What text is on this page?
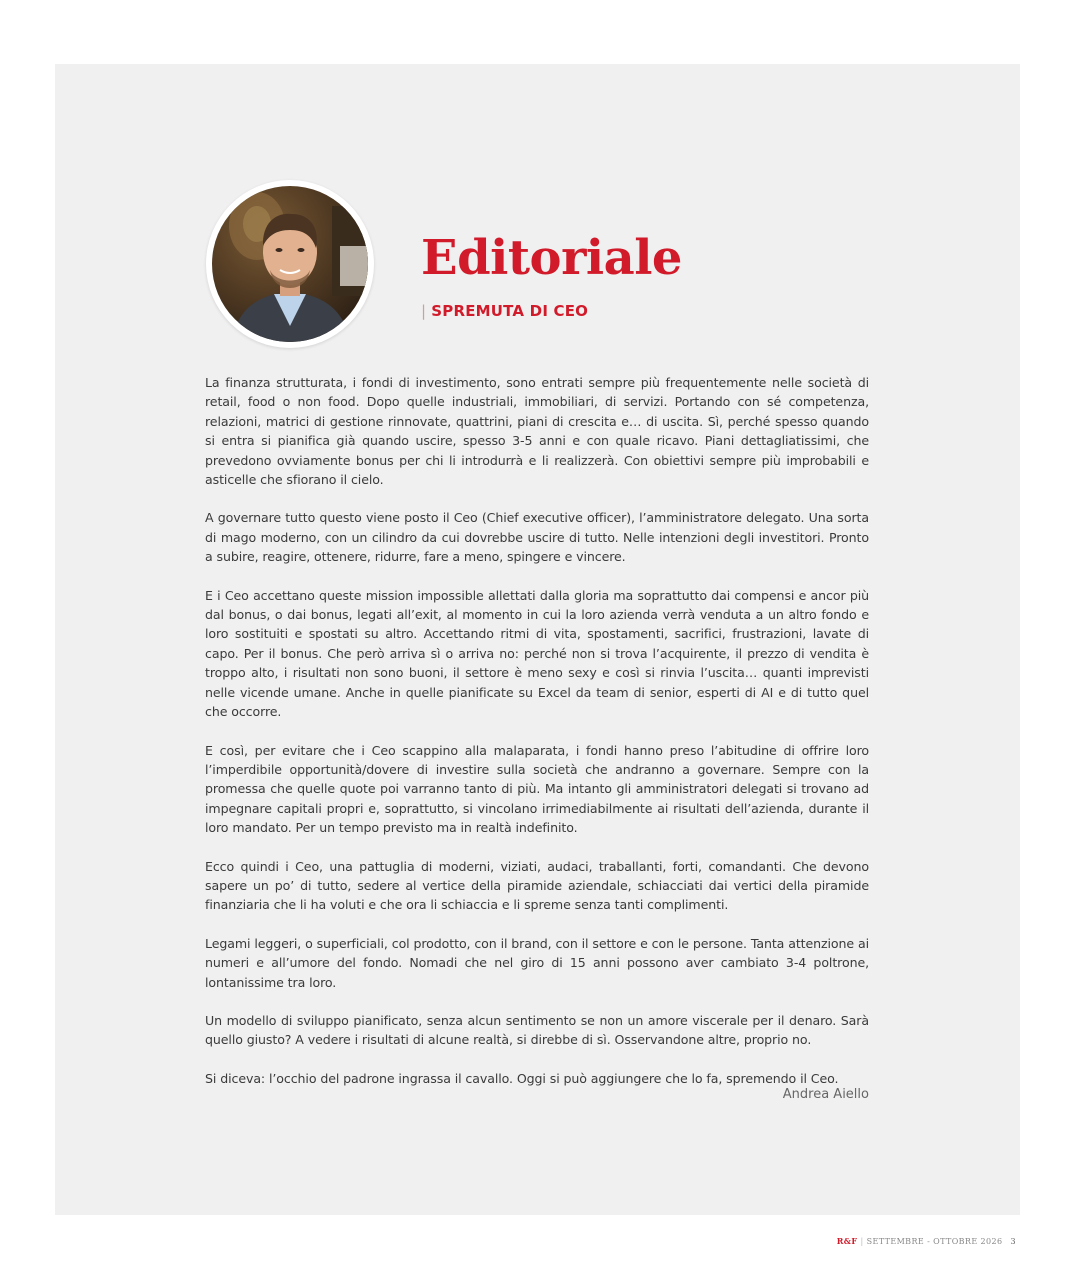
Editoriale
| SPREMUTA DI CEO

La finanza strutturata, i fondi di investimento, sono entrati sempre più frequentemente nelle società di retail, food o non food. Dopo quelle industriali, immobiliari, di servizi. Portando con sé competenza, relazioni, matrici di gestione rinnovate, quattrini, piani di crescita e… di uscita. Sì, perché spesso quando si entra si pianifica già quando uscire, spesso 3-5 anni e con quale ricavo. Piani dettagliatissimi, che prevedono ovviamente bonus per chi li introdurrà e li realizzerà. Con obiettivi sempre più improbabili e asticelle che sfiorano il cielo.

A governare tutto questo viene posto il Ceo (Chief executive officer), l’amministratore delegato. Una sorta di mago moderno, con un cilindro da cui dovrebbe uscire di tutto. Nelle intenzioni degli investitori. Pronto a subire, reagire, ottenere, ridurre, fare a meno, spingere e vincere.

E i Ceo accettano queste mission impossible allettati dalla gloria ma soprattutto dai compensi e ancor più dal bonus, o dai bonus, legati all’exit, al momento in cui la loro azienda verrà venduta a un altro fondo e loro sostituiti e spostati su altro. Accettando ritmi di vita, spostamenti, sacrifici, frustrazioni, lavate di capo. Per il bonus. Che però arriva sì o arriva no: perché non si trova l’acquirente, il prezzo di vendita è troppo alto, i risultati non sono buoni, il settore è meno sexy e così si rinvia l’uscita… quanti imprevisti nelle vicende umane. Anche in quelle pianificate su Excel da team di senior, esperti di AI e di tutto quel che occorre.

E così, per evitare che i Ceo scappino alla malaparata, i fondi hanno preso l’abitudine di offrire loro l’imperdibile opportunità/dovere di investire sulla società che andranno a governare. Sempre con la promessa che quelle quote poi varranno tanto di più. Ma intanto gli amministratori delegati si trovano ad impegnare capitali propri e, soprattutto, si vincolano irrimediabilmente ai risultati dell’azienda, durante il loro mandato. Per un tempo previsto ma in realtà indefinito.

Ecco quindi i Ceo, una pattuglia di moderni, viziati, audaci, traballanti, forti, comandanti. Che devono sapere un po’ di tutto, sedere al vertice della piramide aziendale, schiacciati dai vertici della piramide finanziaria che li ha voluti e che ora li schiaccia e li spreme senza tanti complimenti.

Legami leggeri, o superficiali, col prodotto, con il brand, con il settore e con le persone. Tanta attenzione ai numeri e all’umore del fondo. Nomadi che nel giro di 15 anni possono aver cambiato 3-4 poltrone, lontanissime tra loro.

Un modello di sviluppo pianificato, senza alcun sentimento se non un amore viscerale per il denaro. Sarà quello giusto? A vedere i risultati di alcune realtà, si direbbe di sì. Osservandone altre, proprio no.

Si diceva: l’occhio del padrone ingrassa il cavallo. Oggi si può aggiungere che lo fa, spremendo il Ceo.

Andrea Aiello
R&F | SETTEMBRE - OTTOBRE 2026 3
